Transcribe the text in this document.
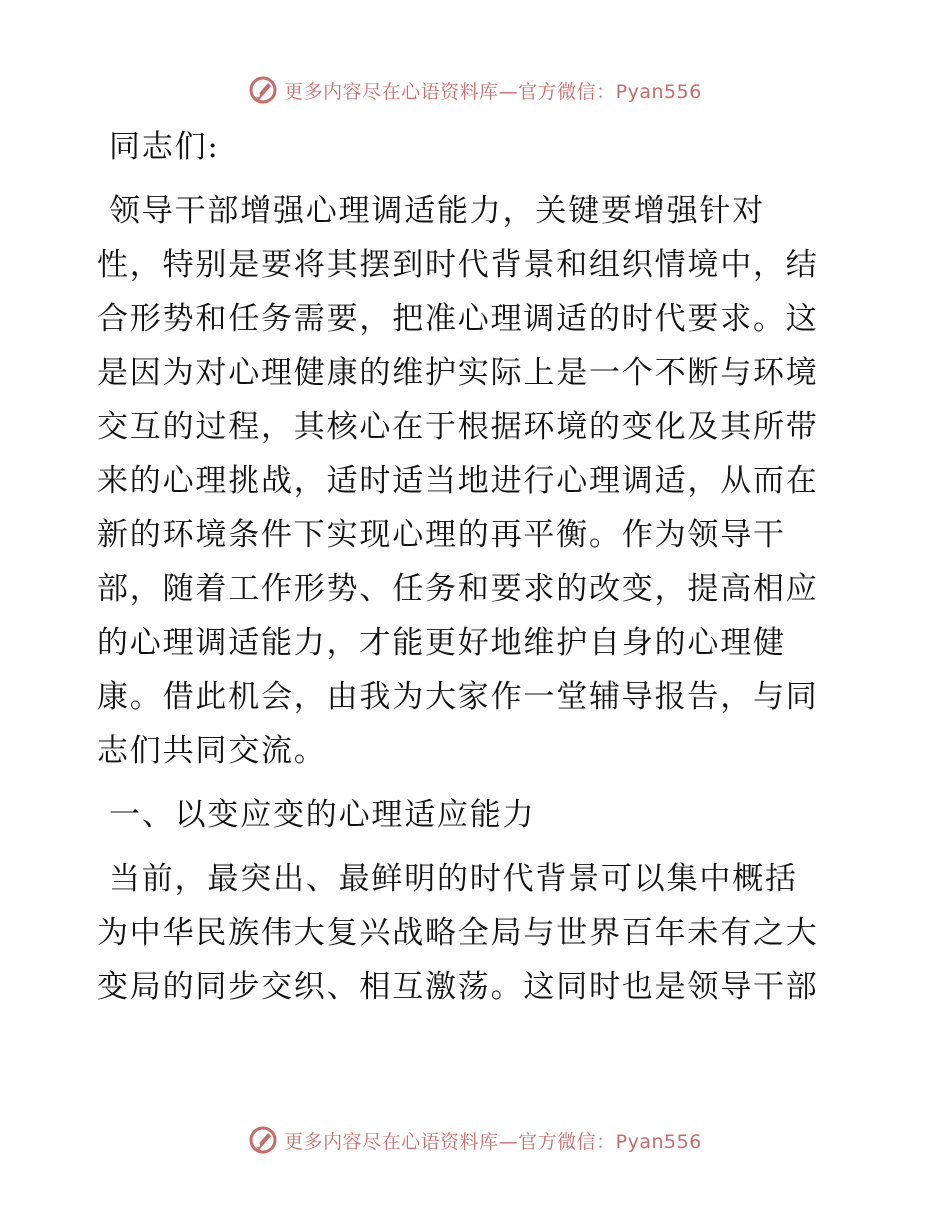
更多内容尽在心语资料库—官方微信：Pyan556
同志们:
领导干部增强心理调适能力，关键要增强针对
性，特别是要将其摆到时代背景和组织情境中，结
合形势和任务需要，把准心理调适的时代要求。这
是因为对心理健康的维护实际上是一个不断与环境
交互的过程，其核心在于根据环境的变化及其所带
来的心理挑战，适时适当地进行心理调适，从而在
新的环境条件下实现心理的再平衡。作为领导干
部，随着工作形势、任务和要求的改变，提高相应
的心理调适能力，才能更好地维护自身的心理健
康。借此机会，由我为大家作一堂辅导报告，与同
志们共同交流。
一、以变应变的心理适应能力
当前，最突出、最鲜明的时代背景可以集中概括
为中华民族伟大复兴战略全局与世界百年未有之大
变局的同步交织、相互激荡。这同时也是领导干部
更多内容尽在心语资料库—官方微信：Pyan556
